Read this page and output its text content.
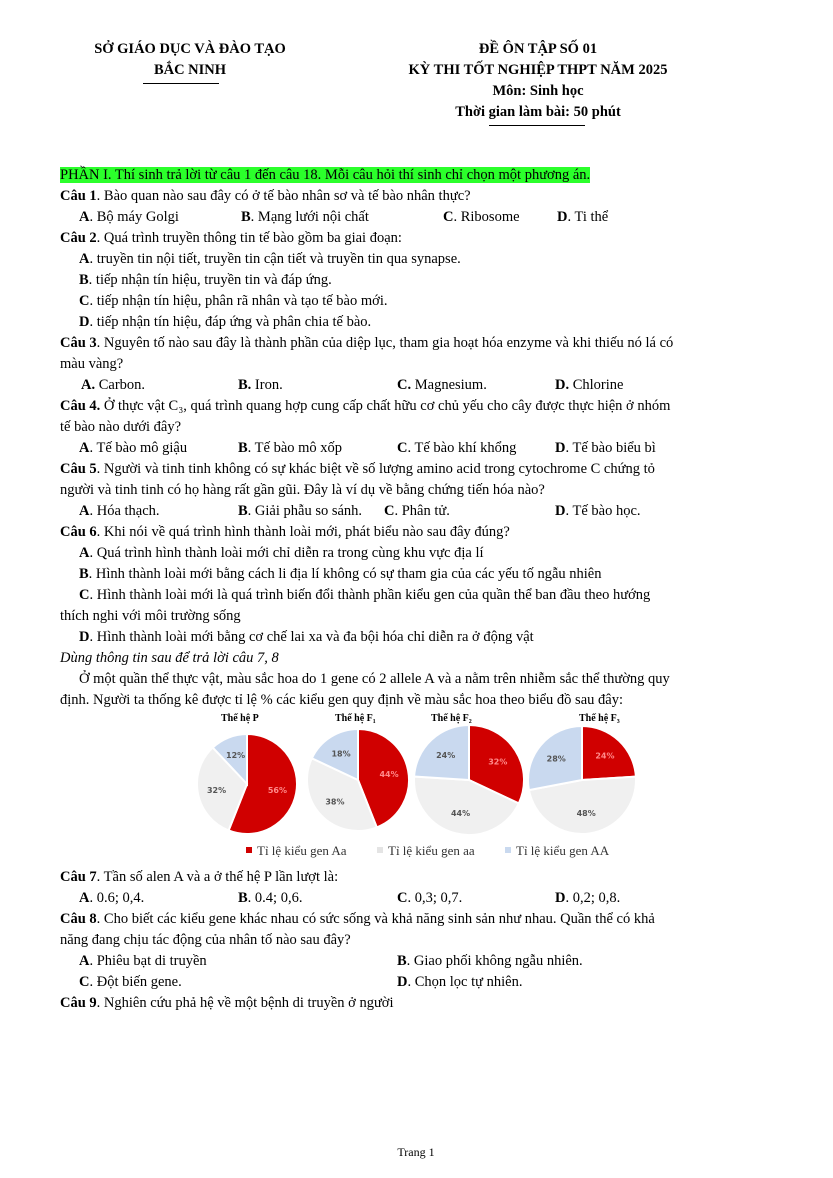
SỞ GIÁO DỤC VÀ ĐÀO TẠO
BẮC NINH
ĐỀ ÔN TẬP SỐ 01
KỲ THI TỐT NGHIỆP THPT NĂM 2025
Môn: Sinh học
Thời gian làm bài: 50 phút
PHẦN I. Thí sinh trả lời từ câu 1 đến câu 18. Mỗi câu hỏi thí sinh chỉ chọn một phương án.
Câu 1. Bào quan nào sau đây có ở tế bào nhân sơ và tế bào nhân thực?
A. Bộ máy Golgi	B. Mạng lưới nội chất	C. Ribosome	D. Ti thể
Câu 2. Quá trình truyền thông tin tế bào gồm ba giai đoạn:
A. truyền tin nội tiết, truyền tin cận tiết và truyền tin qua synapse.
B. tiếp nhận tín hiệu, truyền tin và đáp ứng.
C. tiếp nhận tín hiệu, phân rã nhân và tạo tế bào mới.
D. tiếp nhận tín hiệu, đáp ứng và phân chia tế bào.
Câu 3. Nguyên tố nào sau đây là thành phần của diệp lục, tham gia hoạt hóa enzyme và khi thiếu nó lá có
màu vàng?
A. Carbon.	B. Iron.	C. Magnesium.	D. Chlorine
Câu 4. Ở thực vật C₃, quá trình quang hợp cung cấp chất hữu cơ chủ yếu cho cây được thực hiện ở nhóm
tế bào nào dưới đây?
A. Tế bào mô giậu	B. Tế bào mô xốp	C. Tế bào khí khổng	D. Tế bào biểu bì
Câu 5. Người và tinh tinh không có sự khác biệt về số lượng amino acid trong cytochrome C chứng tỏ
người và tinh tinh có họ hàng rất gần gũi. Đây là ví dụ về bằng chứng tiến hóa nào?
A. Hóa thạch.	B. Giải phẫu so sánh. C. Phân tử.	D. Tế bào học.
Câu 6. Khi nói về quá trình hình thành loài mới, phát biểu nào sau đây đúng?
A. Quá trình hình thành loài mới chỉ diễn ra trong cùng khu vực địa lí
B. Hình thành loài mới bằng cách li địa lí không có sự tham gia của các yếu tố ngẫu nhiên
C. Hình thành loài mới là quá trình biến đổi thành phần kiểu gen của quần thể ban đầu theo hướng
thích nghi với môi trường sống
D. Hình thành loài mới bằng cơ chế lai xa và đa bội hóa chỉ diễn ra ở động vật
Dùng thông tin sau để trả lời câu 7, 8
Ở một quần thể thực vật, màu sắc hoa do 1 gene có 2 allele A và a nằm trên nhiễm sắc thể thường quy
định. Người ta thống kê được tỉ lệ % các kiểu gen quy định về màu sắc hoa theo biểu đồ sau đây:
Thế hệ P	Thế hệ F₁	Thế hệ F₂	Thế hệ F₃
56%
32%
12%
44%
38%
18%
32%
44%
24%	24%
48%
28%
Tỉ lệ kiểu gen Aa	Tỉ lệ kiểu gen aa	Tỉ lệ kiểu gen AA
Câu 7. Tần số alen A và a ở thế hệ P lần lượt là:
A. 0.6; 0,4.	B. 0.4; 0,6.	C. 0,3; 0,7.	D. 0,2; 0,8.
Câu 8. Cho biết các kiểu gene khác nhau có sức sống và khả năng sinh sản như nhau. Quần thể có khả
năng đang chịu tác động của nhân tố nào sau đây?
A. Phiêu bạt di truyền	B. Giao phối không ngẫu nhiên.
C. Đột biến gene.	D. Chọn lọc tự nhiên.
Câu 9. Nghiên cứu phả hệ về một bệnh di truyền ở người
Trang 1
